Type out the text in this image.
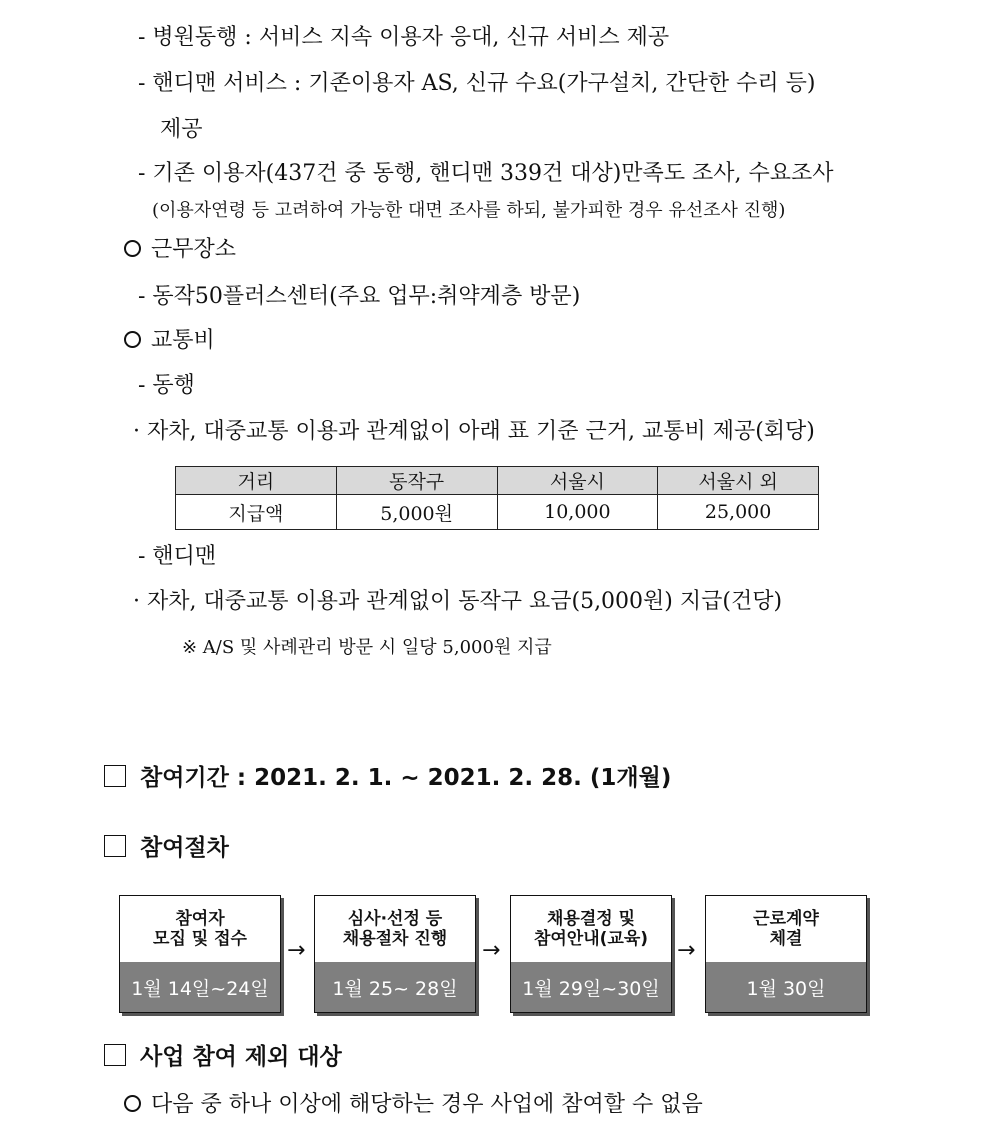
- 병원동행 : 서비스 지속 이용자 응대, 신규 서비스 제공
- 핸디맨 서비스 : 기존이용자 AS, 신규 수요(가구설치, 간단한 수리 등)
제공
- 기존 이용자(437건 중 동행, 핸디맨 339건 대상)만족도 조사, 수요조사
(이용자연령 등 고려하여 가능한 대면 조사를 하되, 불가피한 경우 유선조사 진행)
근무장소
- 동작50플러스센터(주요 업무:취약계층 방문)
교통비
- 동행
· 자차, 대중교통 이용과 관계없이 아래 표 기준 근거, 교통비 제공(회당)
거리	동작구	서울시	서울시 외
지급액	5,000원	10,000	25,000
- 핸디맨
· 자차, 대중교통 이용과 관계없이 동작구 요금(5,000원) 지급(건당)
※ A/S 및 사례관리 방문 시 일당 5,000원 지급
참여기간 : 2021. 2. 1. ~ 2021. 2. 28. (1개월)
참여절차
참여자
모집 및 접수
1월 14일~24일
→
심사·선정 등
채용절차 진행
1월 25~ 28일
→
채용결정 및
참여안내(교육)
1월 29일~30일
→
근로계약
체결
1월 30일
사업 참여 제외 대상
다음 중 하나 이상에 해당하는 경우 사업에 참여할 수 없음
